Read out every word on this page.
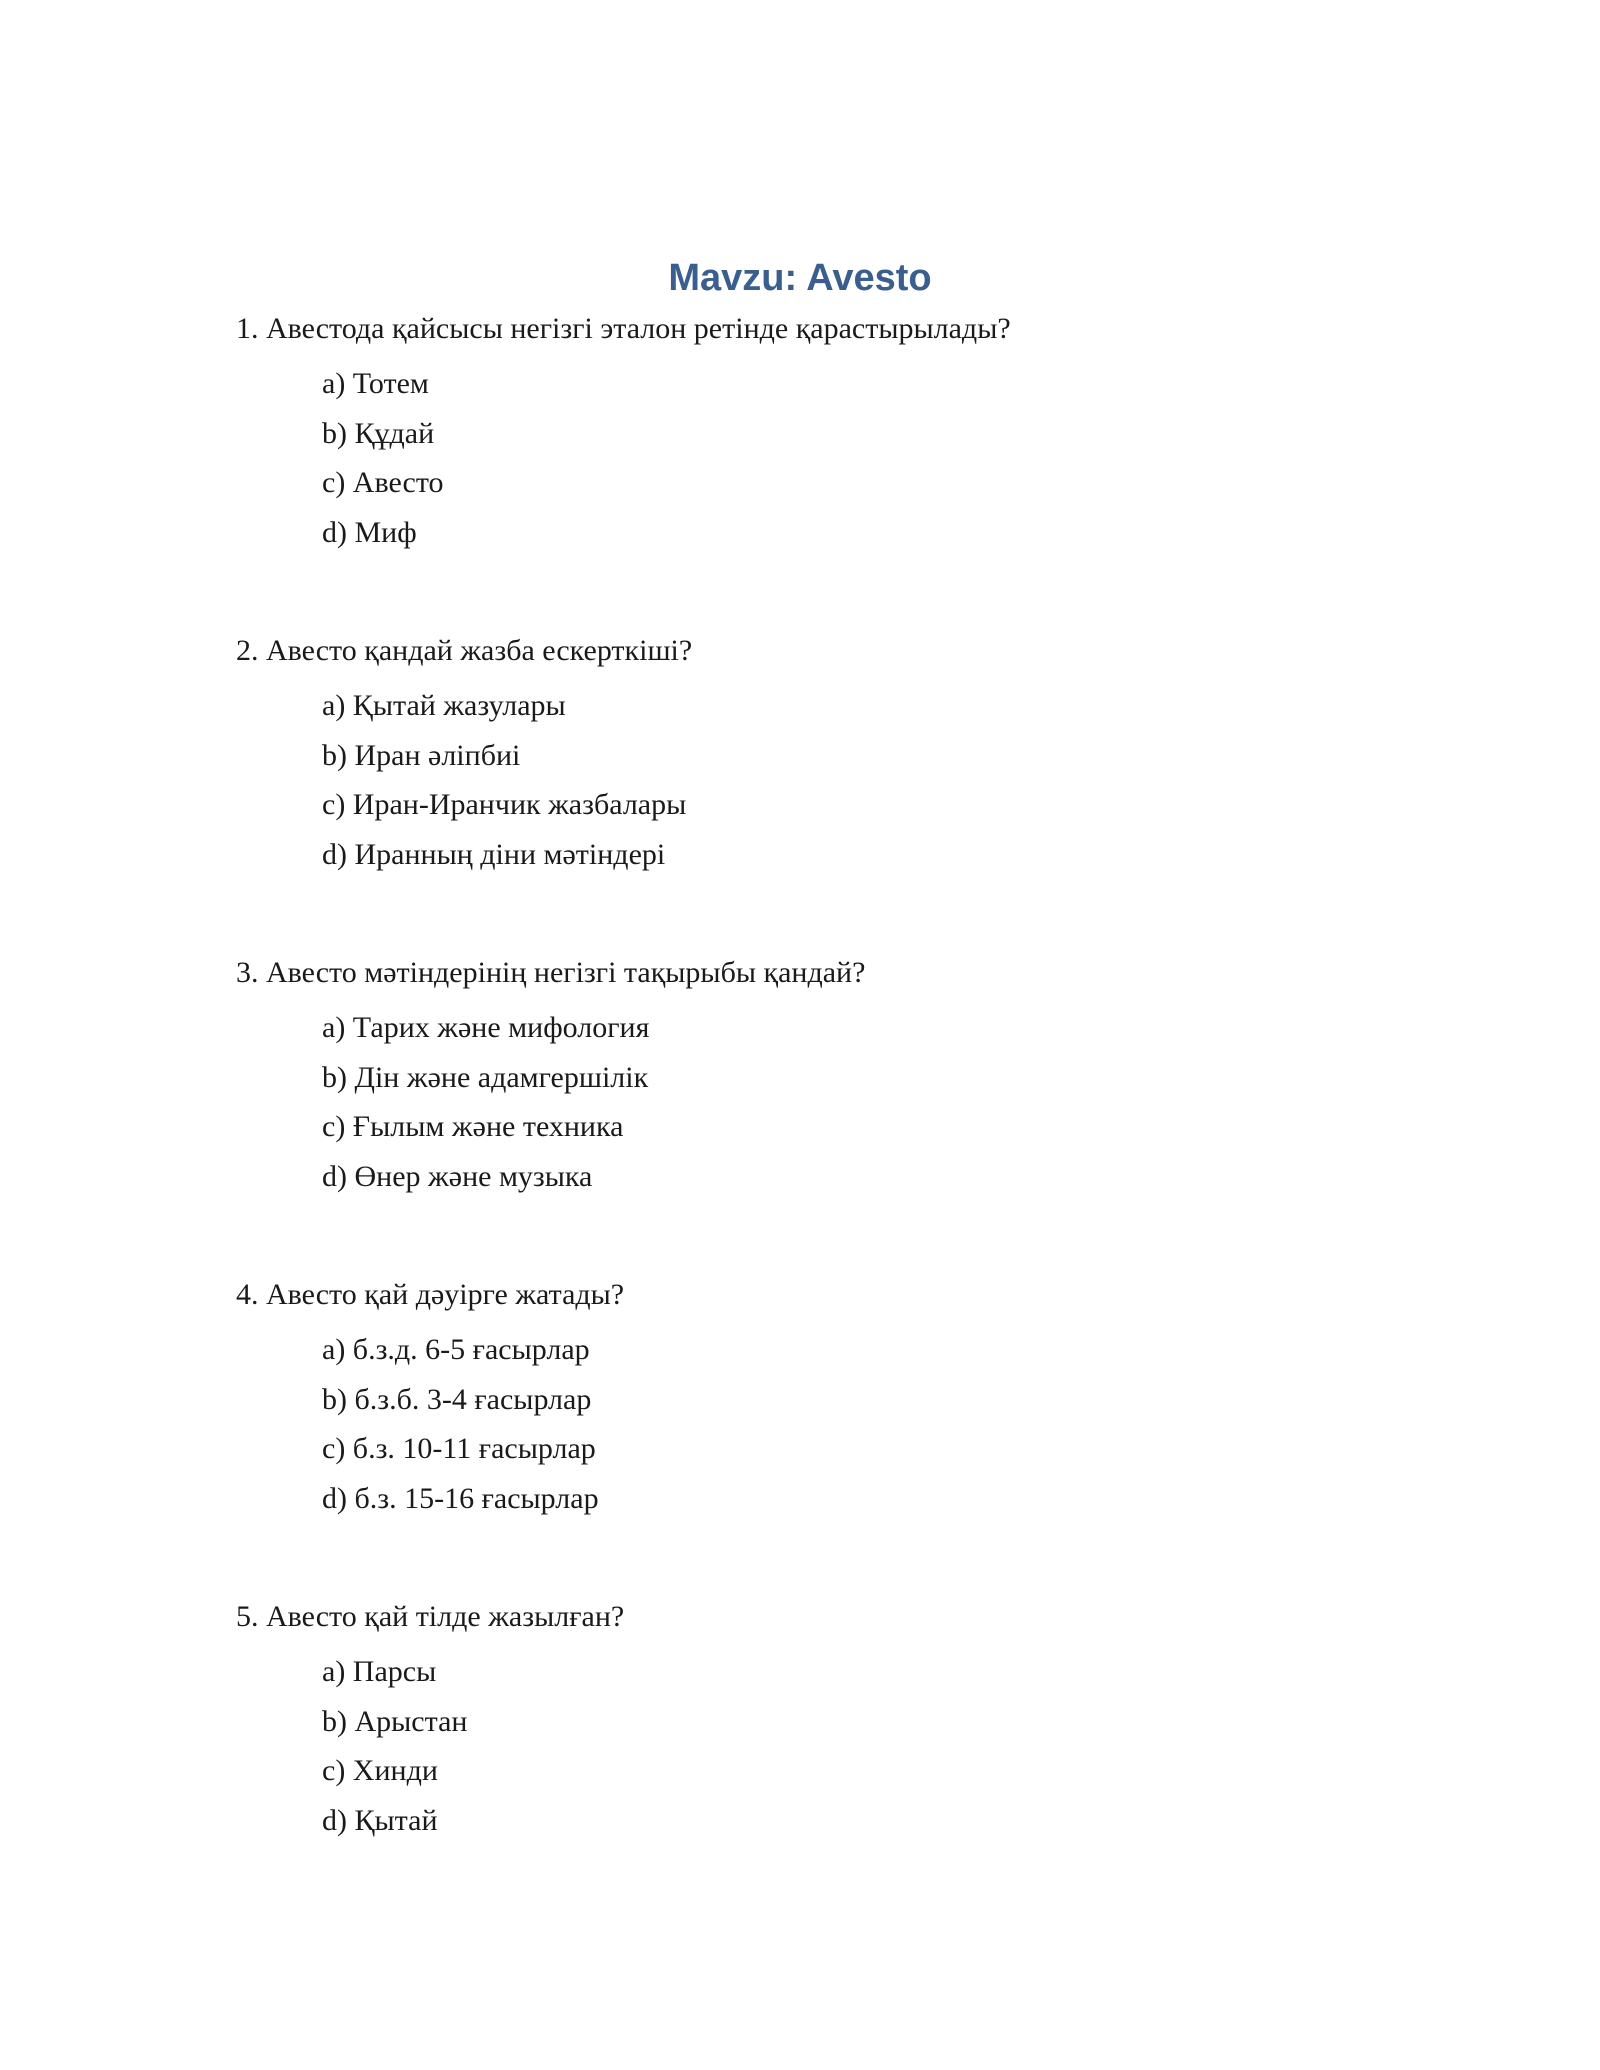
Mavzu: Avesto

1. Авестода қайсысы негізгі эталон ретінде қарастырылады?

a) Тотем
b) Құдай
c) Авесто
d) Миф

2. Авесто қандай жазба ескерткіші?

a) Қытай жазулары
b) Иран әліпбиі
c) Иран-Иранчик жазбалары
d) Иранның діни мәтіндері

3. Авесто мәтіндерінің негізгі тақырыбы қандай?

a) Тарих және мифология
b) Дін және адамгершілік
c) Ғылым және техника
d) Өнер және музыка

4. Авесто қай дәуірге жатады?

a) б.з.д. 6-5 ғасырлар
b) б.з.б. 3-4 ғасырлар
c) б.з. 10-11 ғасырлар
d) б.з. 15-16 ғасырлар

5. Авесто қай тілде жазылған?

a) Парсы
b) Арыстан
c) Хинди
d) Қытай
